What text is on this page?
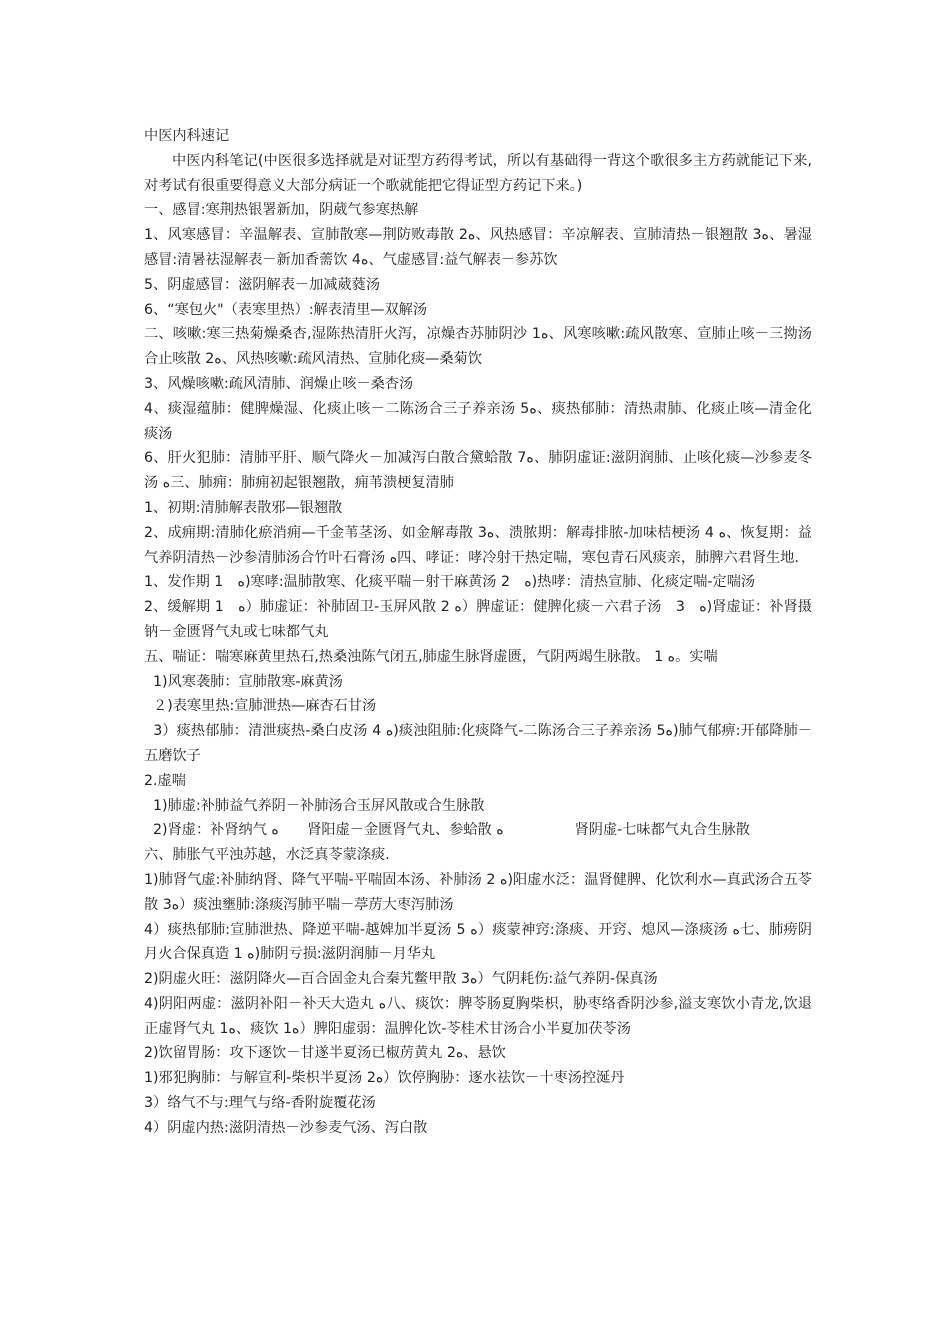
中医内科速记

中医内科笔记(中医很多选择就是对证型方药得考试，所以有基础得一背这个歌很多主方药就能记下来,对考试有很重要得意义大部分病证一个歌就能把它得证型方药记下来。)

一、感冒:寒荆热银署新加，阴葳气参寒热解

1、风寒感冒：辛温解表、宣肺散寒—荆防败毒散 2ﻩ、风热感冒：辛凉解表、宣肺清热－银翘散 3ﻩ、暑湿感冒:清暑祛湿解表－新加香薷饮 4ﻩ、气虚感冒:益气解表－参苏饮

5、阴虚感冒：滋阴解表－加减葳蕤汤

6、“寒包火"（表寒里热）:解表清里—双解汤

二、咳嗽:寒三热菊燥桑杏,湿陈热清肝火泻，凉燥杏苏肺阴沙 1ﻩ、风寒咳嗽:疏风散寒、宣肺止咳－三拗汤合止咳散 2ﻩ、风热咳嗽:疏风清热、宣肺化痰—桑菊饮

3、风燥咳嗽:疏风清肺、润燥止咳－桑杏汤

4、痰湿蕴肺：健脾燥湿、化痰止咳－二陈汤合三子养亲汤 5ﻩ、痰热郁肺：清热肃肺、化痰止咳—清金化痰汤

6、肝火犯肺：清肺平肝、顺气降火－加减泻白散合黛蛤散 7ﻩ、肺阴虚证:滋阴润肺、止咳化痰—沙参麦冬汤 ﻩ三、肺痈：肺痈初起银翘散，痈苇溃梗复清肺

1、初期:清肺解表散邪—银翘散

2、成痈期:清肺化瘀消痈—千金苇茎汤、如金解毒散 3ﻩ、溃脓期：解毒排脓-加味桔梗汤 4 ﻩ、恢复期：益气养阴清热－沙参清肺汤合竹叶石膏汤 ﻩ四、哮证：哮冷射干热定喘，寒包青石风痰亲，肺脾六君肾生地.

1、发作期 1　ﻩ)寒哮:温肺散寒、化痰平喘－射干麻黄汤 2　ﻩ)热哮：清热宣肺、化痰定喘-定喘汤

2、缓解期 1　ﻩ）肺虚证：补肺固卫-玉屏风散 2 ﻩ）脾虚证：健脾化痰－六君子汤　3　ﻩ)肾虚证：补肾摄钠－金匮肾气丸或七味都气丸

五、喘证：喘寒麻黄里热石,热桑浊陈气闭五,肺虚生脉肾虚匮，气阴两竭生脉散。 1 ﻩ。实喘

1)风寒袭肺：宣肺散寒-麻黄汤

２)表寒里热:宣肺泄热—麻杏石甘汤

3）痰热郁肺：清泄痰热-桑白皮汤 4 ﻩ)痰浊阻肺:化痰降气-二陈汤合三子养亲汤 5ﻩ)肺气郁痹:开郁降肺－五磨饮子

2.虚喘

1)肺虚:补肺益气养阴－补肺汤合玉屏风散或合生脉散

2)肾虚：补肾纳气 ﻩ　　肾阳虚－金匮肾气丸、参蛤散 ﻩ　　　　　肾阴虚-七味都气丸合生脉散

六、肺胀气平浊苏越，水泛真苓蒙涤痰.

1)肺肾气虚:补肺纳肾、降气平喘-平喘固本汤、补肺汤 2 ﻩ)阳虚水泛：温肾健脾、化饮利水—真武汤合五苓散 3ﻩ）痰浊壅肺:涤痰泻肺平喘－葶苈大枣泻肺汤

4）痰热郁肺:宣肺泄热、降逆平喘-越婢加半夏汤 5 ﻩ）痰蒙神窍:涤痰、开窍、熄风—涤痰汤 ﻩ七、肺痨阴月火合保真造 1 ﻩ)肺阴亏损:滋阴润肺－月华丸

2)阴虚火旺：滋阴降火—百合固金丸合秦艽鳖甲散 3ﻩ）气阴耗伤:益气养阴-保真汤

4)阴阳两虚：滋阴补阳－补天大造丸 ﻩ八、痰饮：脾苓肠夏胸柴枳，胁枣络香阴沙参,溢支寒饮小青龙,饮退正虚肾气丸 1ﻩ、痰饮 1ﻩ）脾阳虚弱：温脾化饮-苓桂术甘汤合小半夏加茯苓汤

2)饮留胃肠：攻下逐饮－甘遂半夏汤已椒苈黄丸 2ﻩ、悬饮

1)邪犯胸肺：与解宣利-柴枳半夏汤 2ﻩ）饮停胸胁：逐水祛饮－十枣汤控涎丹

3）络气不与:理气与络-香附旋覆花汤

4）阴虚内热:滋阴清热－沙参麦气汤、泻白散
